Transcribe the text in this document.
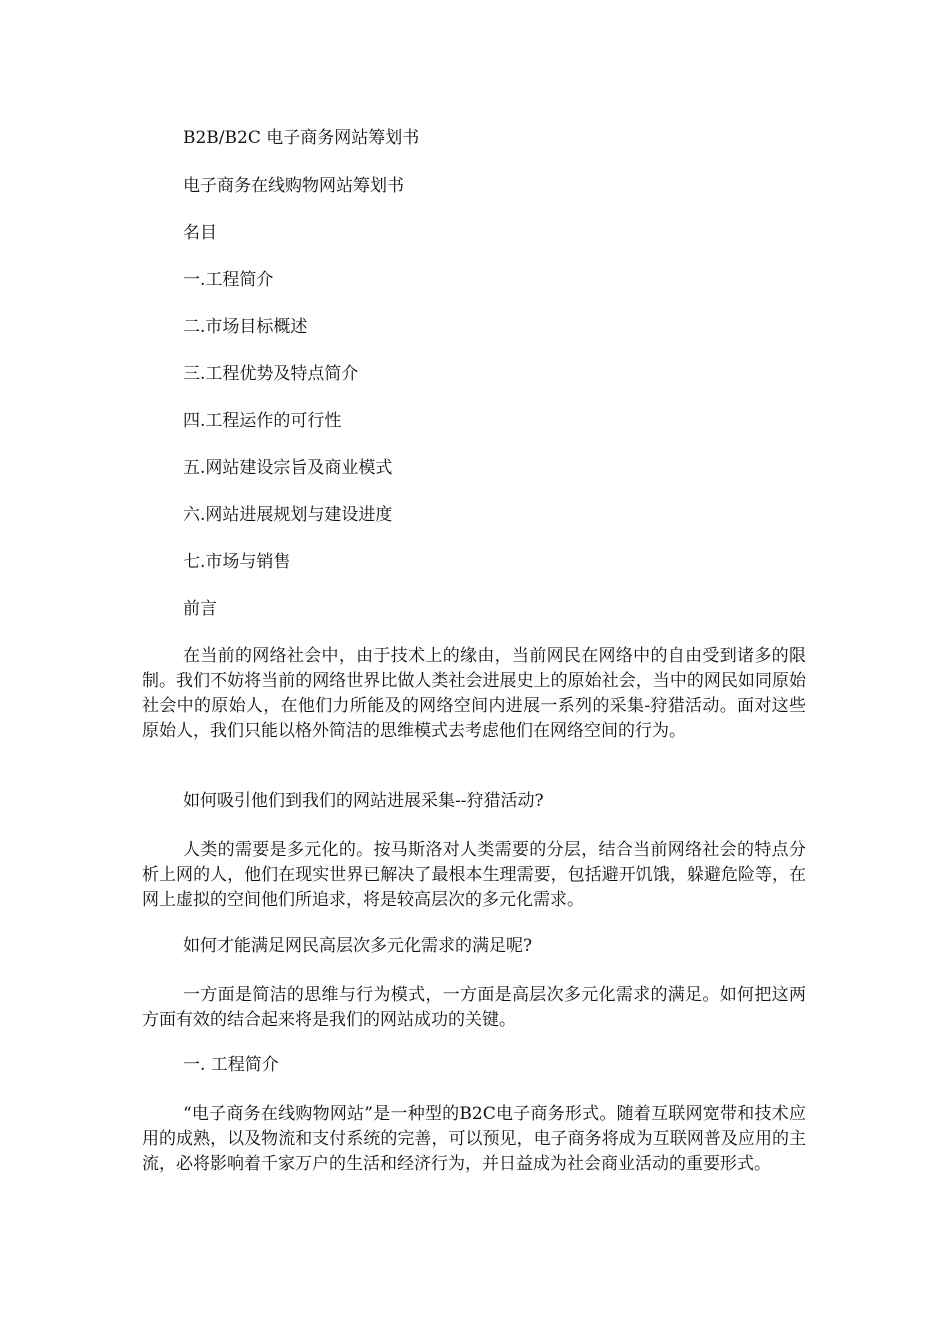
B2B/B2C 电子商务网站筹划书

电子商务在线购物网站筹划书

名目

一.工程简介

二.市场目标概述

三.工程优势及特点简介

四.工程运作的可行性

五.网站建设宗旨及商业模式

六.网站进展规划与建设进度

七.市场与销售

前言

在当前的网络社会中，由于技术上的缘由，当前网民在网络中的自由受到诸多的限制。我们不妨将当前的网络世界比做人类社会进展史上的原始社会，当中的网民如同原始社会中的原始人，在他们力所能及的网络空间内进展一系列的采集-狩猎活动。面对这些原始人，我们只能以格外简洁的思维模式去考虑他们在网络空间的行为。

如何吸引他们到我们的网站进展采集--狩猎活动?

人类的需要是多元化的。按马斯洛对人类需要的分层，结合当前网络社会的特点分析上网的人，他们在现实世界已解决了最根本生理需要，包括避开饥饿，躲避危险等，在网上虚拟的空间他们所追求，将是较高层次的多元化需求。

如何才能满足网民高层次多元化需求的满足呢?

一方面是简洁的思维与行为模式，一方面是高层次多元化需求的满足。如何把这两方面有效的结合起来将是我们的网站成功的关键。

一. 工程简介

“电子商务在线购物网站”是一种型的B2C电子商务形式。随着互联网宽带和技术应用的成熟，以及物流和支付系统的完善，可以预见，电子商务将成为互联网普及应用的主流，必将影响着千家万户的生活和经济行为，并日益成为社会商业活动的重要形式。
